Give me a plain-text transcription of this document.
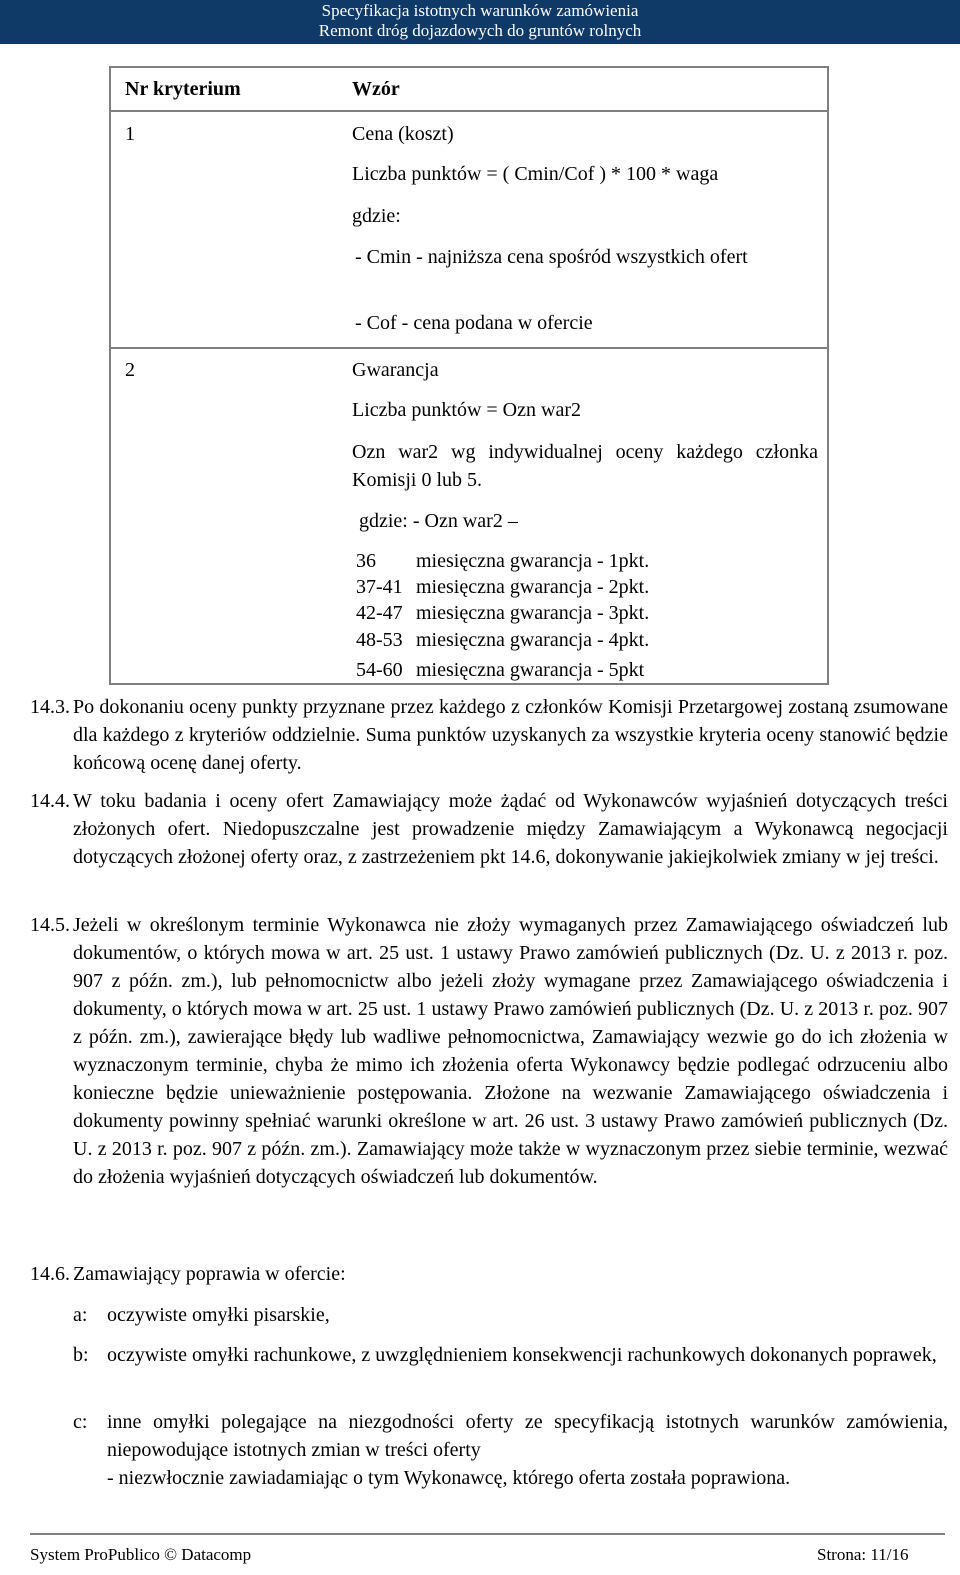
Specyfikacja istotnych warunków zamówienia
Remont dróg dojazdowych do gruntów rolnych
Nr kryterium	Wzór
1	Cena (koszt)
Liczba punktów = ( Cmin/Cof ) * 100 * waga
gdzie:
- Cmin - najniższa cena spośród wszystkich ofert
- Cof - cena podana w ofercie
2	Gwarancja
Liczba punktów = Ozn war2
Ozn war2 wg indywidualnej oceny każdego członka Komisji 0 lub 5.
gdzie: - Ozn war2 –
36 miesięczna gwarancja - 1pkt.
37-41 miesięczna gwarancja - 2pkt.
42-47 miesięczna gwarancja - 3pkt.
48-53 miesięczna gwarancja - 4pkt.
54-60 miesięczna gwarancja - 5pkt
14.3. Po dokonaniu oceny punkty przyznane przez każdego z członków Komisji Przetargowej zostaną zsumowane dla każdego z kryteriów oddzielnie. Suma punktów uzyskanych za wszystkie kryteria oceny stanowić będzie końcową ocenę danej oferty.
14.4. W toku badania i oceny ofert Zamawiający może żądać od Wykonawców wyjaśnień dotyczących treści złożonych ofert. Niedopuszczalne jest prowadzenie między Zamawiającym a Wykonawcą negocjacji dotyczących złożonej oferty oraz, z zastrzeżeniem pkt 14.6, dokonywanie jakiejkolwiek zmiany w jej treści.
14.5. Jeżeli w określonym terminie Wykonawca nie złoży wymaganych przez Zamawiającego oświadczeń lub dokumentów, o których mowa w art. 25 ust. 1 ustawy Prawo zamówień publicznych (Dz. U. z 2013 r. poz. 907 z późn. zm.), lub pełnomocnictw albo jeżeli złoży wymagane przez Zamawiającego oświadczenia i dokumenty, o których mowa w art. 25 ust. 1 ustawy Prawo zamówień publicznych (Dz. U. z 2013 r. poz. 907 z późn. zm.), zawierające błędy lub wadliwe pełnomocnictwa, Zamawiający wezwie go do ich złożenia w wyznaczonym terminie, chyba że mimo ich złożenia oferta Wykonawcy będzie podlegać odrzuceniu albo konieczne będzie unieważnienie postępowania. Złożone na wezwanie Zamawiającego oświadczenia i dokumenty powinny spełniać warunki określone w art. 26 ust. 3 ustawy Prawo zamówień publicznych (Dz. U. z 2013 r. poz. 907 z późn. zm.). Zamawiający może także w wyznaczonym przez siebie terminie, wezwać do złożenia wyjaśnień dotyczących oświadczeń lub dokumentów.
14.6. Zamawiający poprawia w ofercie:
a: oczywiste omyłki pisarskie,
b: oczywiste omyłki rachunkowe, z uwzględnieniem konsekwencji rachunkowych dokonanych poprawek,
c: inne omyłki polegające na niezgodności oferty ze specyfikacją istotnych warunków zamówienia, niepowodujące istotnych zmian w treści oferty
- niezwłocznie zawiadamiając o tym Wykonawcę, którego oferta została poprawiona.
System ProPublico © Datacomp	Strona: 11/16
